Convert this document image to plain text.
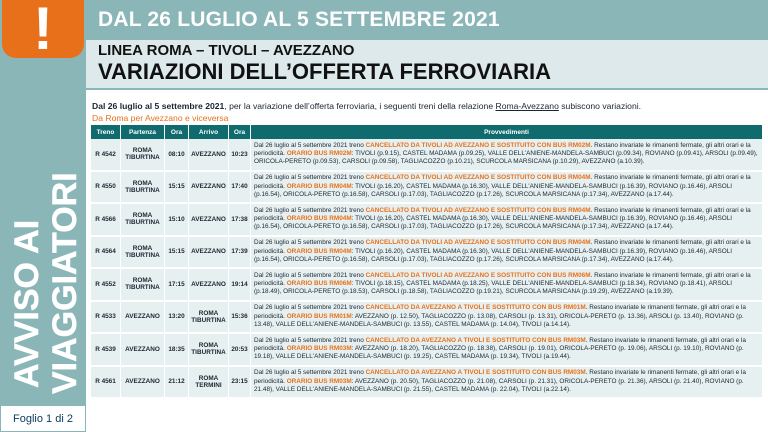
!
AVVISO AI VIAGGIATORI
Foglio 1 di 2
DAL 26 LUGLIO AL 5 SETTEMBRE 2021
LINEA ROMA – TIVOLI – AVEZZANO
VARIAZIONI DELL’OFFERTA FERROVIARIA
Dal 26 luglio al 5 settembre 2021, per la variazione dell’offerta ferroviaria, i seguenti treni della relazione Roma-Avezzano subiscono variazioni.
Da Roma per Avezzano e viceversa
Treno	Partenza	Ora	Arrivo	Ora	Provvedimenti
R 4542	ROMA TIBURTINA	08:10	AVEZZANO	10:23	Dal 26 luglio al 5 settembre 2021 treno CANCELLATO DA TIVOLI AD AVEZZANO E SOSTITUITO CON BUS RM02M. Restano invariate le rimanenti fermate, gli altri orari e la periodicità. ORARIO BUS RM02M: TIVOLI (p.9.15), CASTEL MADAMA (p.09.25), VALLE DELL'ANIENE-MANDELA-SAMBUCI (p.09.34), ROVIANO (p.09.41), ARSOLI (p.09.49), ORICOLA-PERETO (p.09.53), CARSOLI (p.09.58), TAGLIACOZZO (p.10.21), SCURCOLA MARSICANA (p.10.29), AVEZZANO (a.10.39).
R 4550	ROMA TIBURTINA	15:15	AVEZZANO	17:40	Dal 26 luglio al 5 settembre 2021 treno CANCELLATO DA TIVOLI AD AVEZZANO E SOSTITUITO CON BUS RM04M. Restano invariate le rimanenti fermate, gli altri orari e la periodicità. ORARIO BUS RM04M: TIVOLI (p.16.20), CASTEL MADAMA (p.16.30), VALLE DELL'ANIENE-MANDELA-SAMBUCI (p.16.39), ROVIANO (p.16.46), ARSOLI (p.16.54), ORICOLA-PERETO (p.16.58), CARSOLI (p.17.03), TAGLIACOZZO (p.17.26), SCURCOLA MARSICANA (p.17.34), AVEZZANO (a.17.44).
R 4566	ROMA TIBURTINA	15:10	AVEZZANO	17:38	Dal 26 luglio al 5 settembre 2021 treno CANCELLATO DA TIVOLI AD AVEZZANO E SOSTITUITO CON BUS RM04M. Restano invariate le rimanenti fermate, gli altri orari e la periodicità. ORARIO BUS RM04M: TIVOLI (p.16.20), CASTEL MADAMA (p.16.30), VALLE DELL'ANIENE-MANDELA-SAMBUCI (p.16.39), ROVIANO (p.16.46), ARSOLI (p.16.54), ORICOLA-PERETO (p.16.58), CARSOLI (p.17.03), TAGLIACOZZO (p.17.26), SCURCOLA MARSICANA (p.17.34), AVEZZANO (a.17.44).
R 4564	ROMA TIBURTINA	15:15	AVEZZANO	17:39	Dal 26 luglio al 5 settembre 2021 treno CANCELLATO DA TIVOLI AD AVEZZANO E SOSTITUITO CON BUS RM04M. Restano invariate le rimanenti fermate, gli altri orari e la periodicità. ORARIO BUS RM04M: TIVOLI (p.16.20), CASTEL MADAMA (p.16.30), VALLE DELL'ANIENE-MANDELA-SAMBUCI (p.16.39), ROVIANO (p.16.46), ARSOLI (p.16.54), ORICOLA-PERETO (p.16.58), CARSOLI (p.17.03), TAGLIACOZZO (p.17.26), SCURCOLA MARSICANA (p.17.34), AVEZZANO (a.17.44).
R 4552	ROMA TIBURTINA	17:15	AVEZZANO	19:14	Dal 26 luglio al 5 settembre 2021 treno CANCELLATO DA TIVOLI AD AVEZZANO E SOSTITUITO CON BUS RM06M. Restano invariate le rimanenti fermate, gli altri orari e la periodicità. ORARIO BUS RM06M: TIVOLI (p.18.15), CASTEL MADAMA (p.18.25), VALLE DELL'ANIENE-MANDELA-SAMBUCI (p.18.34), ROVIANO (p.18.41), ARSOLI (p.18.49), ORICOLA-PERETO (p.18.53), CARSOLI (p.18.58), TAGLIACOZZO (p.19.21), SCURCOLA MARSICANA (p.19.29), AVEZZANO (a.19.39).
R 4533	AVEZZANO	13:20	ROMA TIBURTINA	15:36	Dal 26 luglio al 5 settembre 2021 treno CANCELLATO DA AVEZZANO A TIVOLI E SOSTITUITO CON BUS RM01M. Restano invariate le rimanenti fermate, gli altri orari e la periodicità. ORARIO BUS RM01M: AVEZZANO (p. 12.50), TAGLIACOZZO (p. 13.08), CARSOLI (p. 13.31), ORICOLA-PERETO (p. 13.36), ARSOLI (p. 13.40), ROVIANO (p. 13.48), VALLE DELL'ANIENE-MANDELA-SAMBUCI (p. 13.55), CASTEL MADAMA (p. 14.04), TIVOLI (a.14.14).
R 4539	AVEZZANO	18:35	ROMA TIBURTINA	20:53	Dal 26 luglio al 5 settembre 2021 treno CANCELLATO DA AVEZZANO A TIVOLI E SOSTITUITO CON BUS RM03M. Restano invariate le rimanenti fermate, gli altri orari e la periodicità. ORARIO BUS RM03M: AVEZZANO (p. 18.20), TAGLIACOZZO (p. 18.38), CARSOLI (p. 19.01), ORICOLA-PERETO (p. 19.06), ARSOLI (p. 19.10), ROVIANO (p. 19.18), VALLE DELL'ANIENE-MANDELA-SAMBUCI (p. 19.25), CASTEL MADAMA (p. 19.34), TIVOLI (a.19.44).
R 4561	AVEZZANO	21:12	ROMA TERMINI	23:15	Dal 26 luglio al 5 settembre 2021 treno CANCELLATO DA AVEZZANO A TIVOLI E SOSTITUITO CON BUS RM03M. Restano invariate le rimanenti fermate, gli altri orari e la periodicità. ORARIO BUS RM03M: AVEZZANO (p. 20.50), TAGLIACOZZO (p. 21.08), CARSOLI (p. 21.31), ORICOLA-PERETO (p. 21.36), ARSOLI (p. 21.40), ROVIANO (p. 21.48), VALLE DELL'ANIENE-MANDELA-SAMBUCI (p. 21.55), CASTEL MADAMA (p. 22.04), TIVOLI (a.22.14).
